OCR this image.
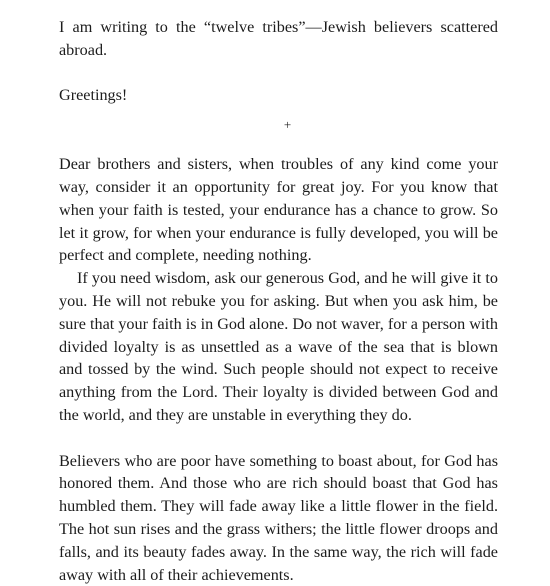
I am writing to the “twelve tribes”—Jewish believers scattered abroad.

Greetings!

+

Dear brothers and sisters, when troubles of any kind come your way, consider it an opportunity for great joy. For you know that when your faith is tested, your endurance has a chance to grow. So let it grow, for when your endurance is fully developed, you will be perfect and complete, needing nothing.

If you need wisdom, ask our generous God, and he will give it to you. He will not rebuke you for asking. But when you ask him, be sure that your faith is in God alone. Do not waver, for a person with divided loyalty is as unsettled as a wave of the sea that is blown and tossed by the wind. Such people should not expect to receive anything from the Lord. Their loyalty is divided between God and the world, and they are unstable in everything they do.

Believers who are poor have something to boast about, for God has honored them. And those who are rich should boast that God has humbled them. They will fade away like a little flower in the field. The hot sun rises and the grass withers; the little flower droops and falls, and its beauty fades away. In the same way, the rich will fade away with all of their achievements.
